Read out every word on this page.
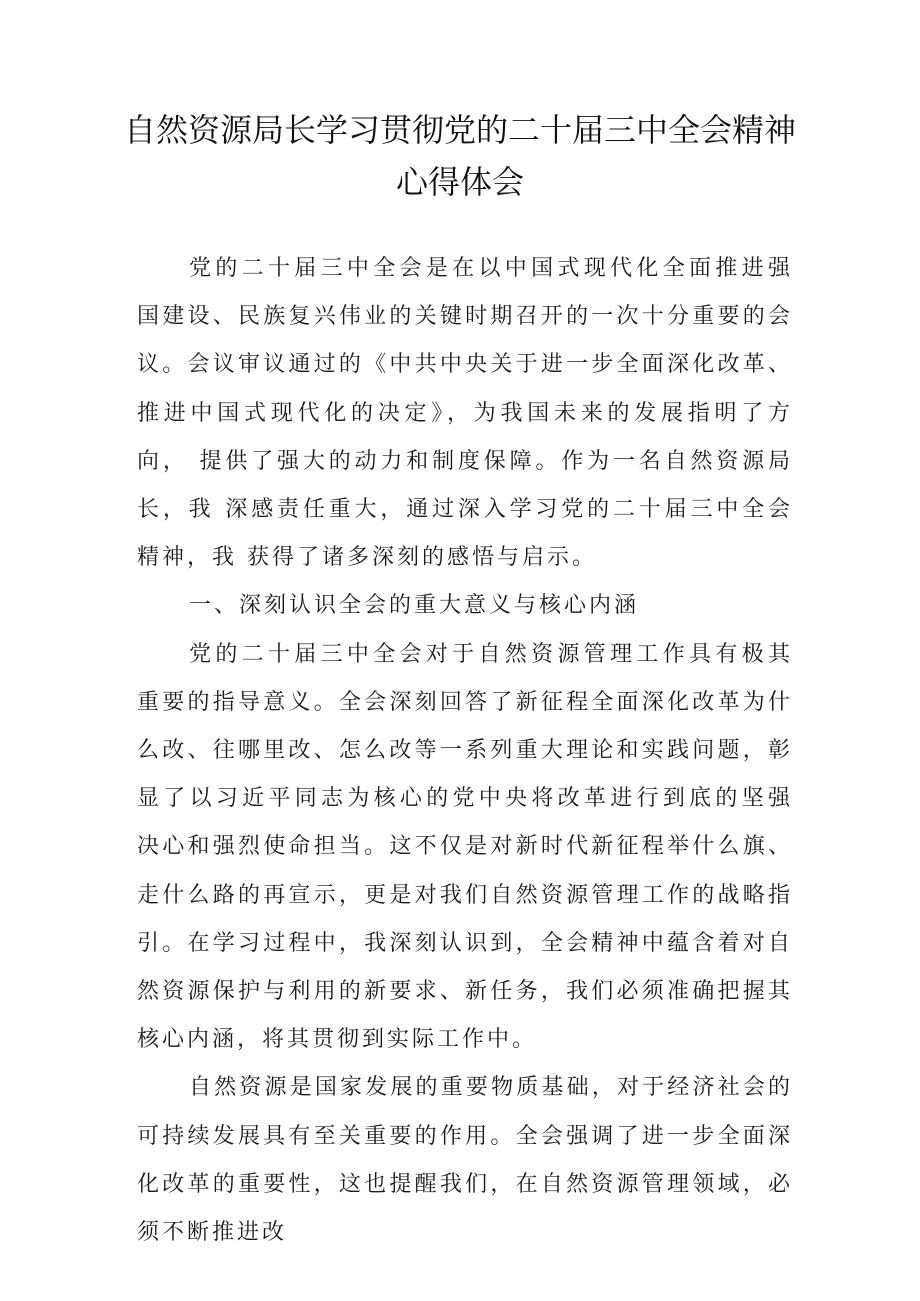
自然资源局长学习贯彻党的二十届三中全会精神心得体会

党的二十届三中全会是在以中国式现代化全面推进强 国建设、民族复兴伟业的关键时期召开的一次十分重要的会 议。会议审议通过的《中共中央关于进一步全面深化改革、 推进中国式现代化的决定》，为我国未来的发展指明了方向， 提供了强大的动力和制度保障。作为一名自然资源局长，我 深感责任重大，通过深入学习党的二十届三中全会精神，我 获得了诸多深刻的感悟与启示。

一、深刻认识全会的重大意义与核心内涵

党的二十届三中全会对于自然资源管理工作具有极其 重要的指导意义。全会深刻回答了新征程全面深化改革为什 么改、往哪里改、怎么改等一系列重大理论和实践问题，彰 显了以习近平同志为核心的党中央将改革进行到底的坚强 决心和强烈使命担当。这不仅是对新时代新征程举什么旗、 走什么路的再宣示，更是对我们自然资源管理工作的战略指 引。在学习过程中，我深刻认识到，全会精神中蕴含着对自 然资源保护与利用的新要求、新任务，我们必须准确把握其 核心内涵，将其贯彻到实际工作中。

自然资源是国家发展的重要物质基础，对于经济社会的 可持续发展具有至关重要的作用。全会强调了进一步全面深 化改革的重要性，这也提醒我们，在自然资源管理领域，必 须不断推进改
